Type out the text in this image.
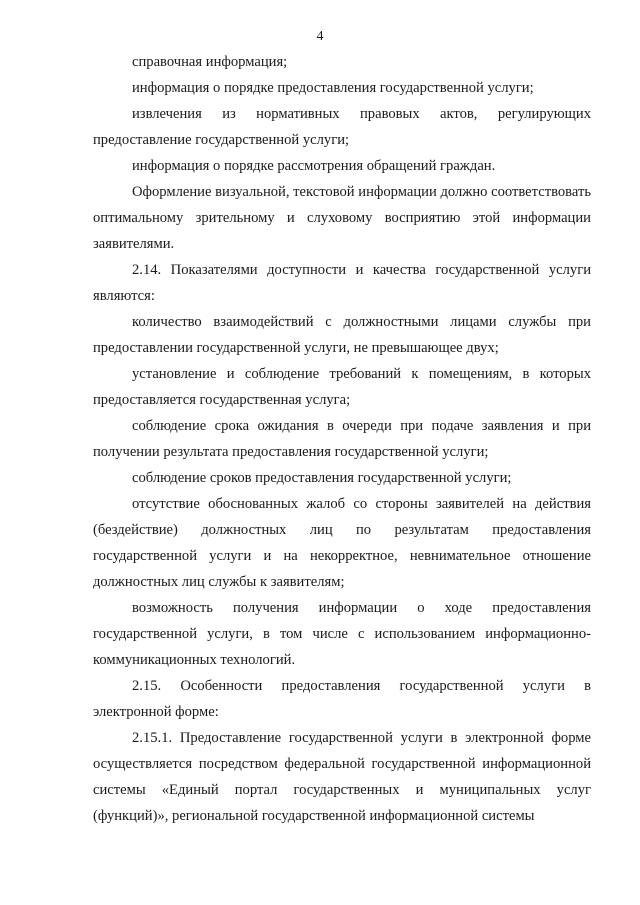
4

справочная информация;

информация о порядке предоставления государственной услуги;

извлечения из нормативных правовых актов, регулирующих предоставление государственной услуги;

информация о порядке рассмотрения обращений граждан.

Оформление визуальной, текстовой информации должно соответствовать оптимальному зрительному и слуховому восприятию этой информации заявителями.

2.14. Показателями доступности и качества государственной услуги являются:

количество взаимодействий с должностными лицами службы при предоставлении государственной услуги, не превышающее двух;

установление и соблюдение требований к помещениям, в которых предоставляется государственная услуга;

соблюдение срока ожидания в очереди при подаче заявления и при получении результата предоставления государственной услуги;

соблюдение сроков предоставления государственной услуги;

отсутствие обоснованных жалоб со стороны заявителей на действия (бездействие) должностных лиц по результатам предоставления государственной услуги и на некорректное, невнимательное отношение должностных лиц службы к заявителям;

возможность получения информации о ходе предоставления государственной услуги, в том числе с использованием информационно-коммуникационных технологий.

2.15. Особенности предоставления государственной услуги в электронной форме:

2.15.1. Предоставление государственной услуги в электронной форме осуществляется посредством федеральной государственной информационной системы «Единый портал государственных и муниципальных услуг (функций)», региональной государственной информационной системы
